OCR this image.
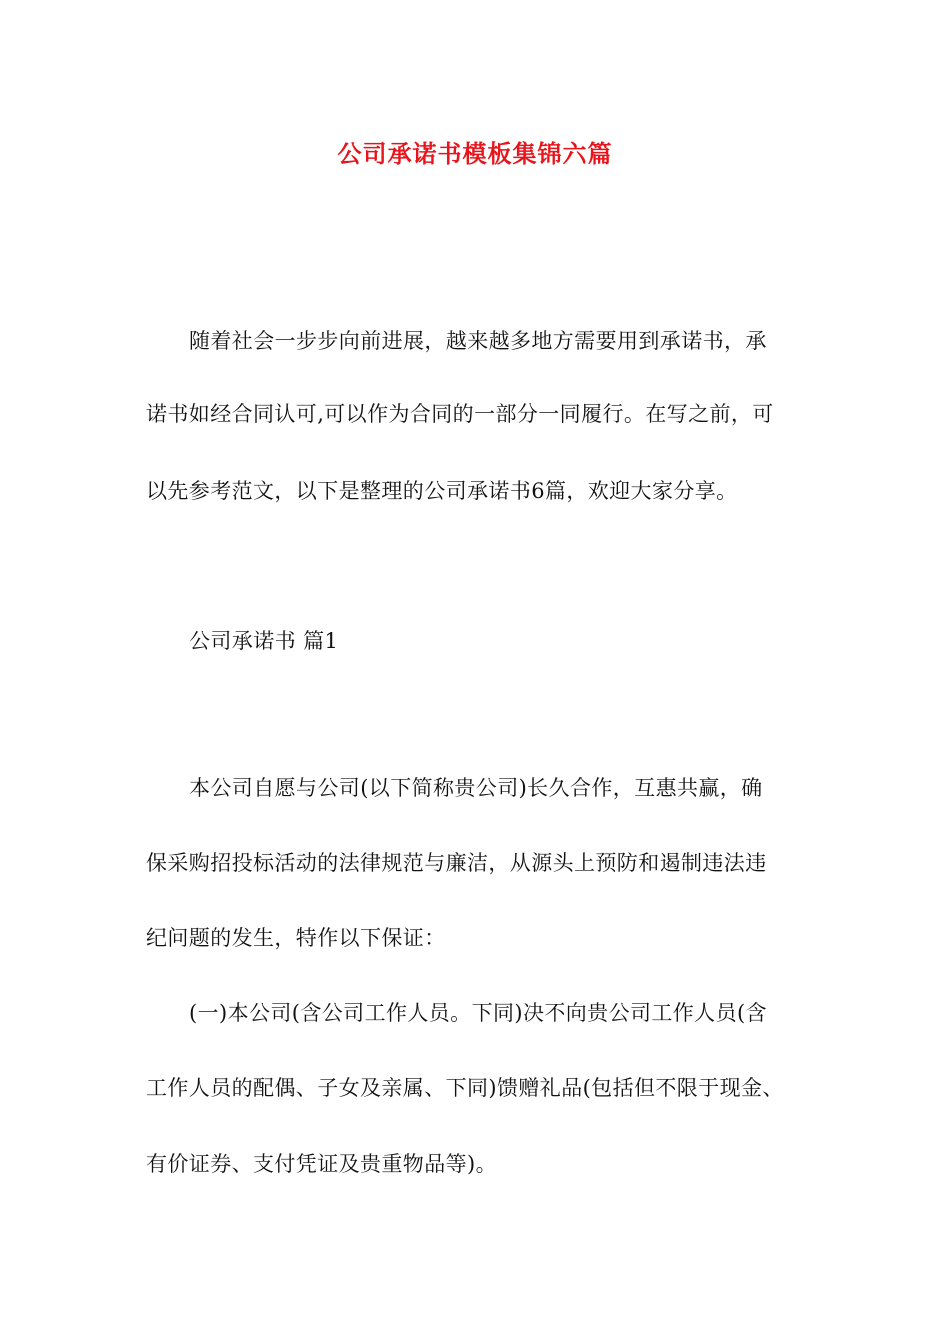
公司承诺书模板集锦六篇
随着社会一步步向前进展，越来越多地方需要用到承诺书，承
诺书如经合同认可,可以作为合同的一部分一同履行。在写之前，可
以先参考范文，以下是整理的公司承诺书6篇，欢迎大家分享。
公司承诺书 篇1
本公司自愿与公司(以下简称贵公司)长久合作，互惠共赢，确
保采购招投标活动的法律规范与廉洁，从源头上预防和遏制违法违
纪问题的发生，特作以下保证：
(一)本公司(含公司工作人员。下同)决不向贵公司工作人员(含
工作人员的配偶、子女及亲属、下同)馈赠礼品(包括但不限于现金、
有价证券、支付凭证及贵重物品等)。
